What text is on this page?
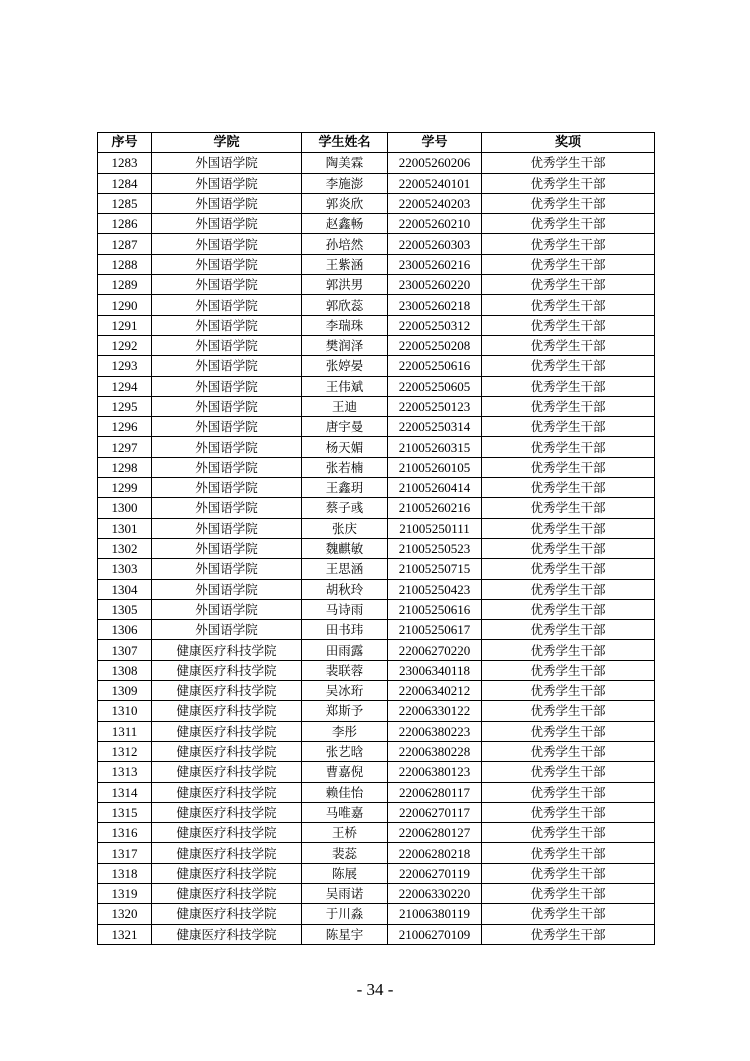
序号	学院	学生姓名	学号	奖项
1283	外国语学院	陶美霖	22005260206	优秀学生干部
1284	外国语学院	李施澎	22005240101	优秀学生干部
1285	外国语学院	郭炎欣	22005240203	优秀学生干部
1286	外国语学院	赵鑫畅	22005260210	优秀学生干部
1287	外国语学院	孙培然	22005260303	优秀学生干部
1288	外国语学院	王紫涵	23005260216	优秀学生干部
1289	外国语学院	郭洪男	23005260220	优秀学生干部
1290	外国语学院	郭欣蕊	23005260218	优秀学生干部
1291	外国语学院	李瑞珠	22005250312	优秀学生干部
1292	外国语学院	樊润泽	22005250208	优秀学生干部
1293	外国语学院	张婷晏	22005250616	优秀学生干部
1294	外国语学院	王伟斌	22005250605	优秀学生干部
1295	外国语学院	王迪	22005250123	优秀学生干部
1296	外国语学院	唐宇曼	22005250314	优秀学生干部
1297	外国语学院	杨天媚	21005260315	优秀学生干部
1298	外国语学院	张若楠	21005260105	优秀学生干部
1299	外国语学院	王鑫玥	21005260414	优秀学生干部
1300	外国语学院	蔡子彧	21005260216	优秀学生干部
1301	外国语学院	张庆	21005250111	优秀学生干部
1302	外国语学院	魏麒敏	21005250523	优秀学生干部
1303	外国语学院	王思涵	21005250715	优秀学生干部
1304	外国语学院	胡秋玲	21005250423	优秀学生干部
1305	外国语学院	马诗雨	21005250616	优秀学生干部
1306	外国语学院	田书玮	21005250617	优秀学生干部
1307	健康医疗科技学院	田雨露	22006270220	优秀学生干部
1308	健康医疗科技学院	裴联蓉	23006340118	优秀学生干部
1309	健康医疗科技学院	吴冰珩	22006340212	优秀学生干部
1310	健康医疗科技学院	郑斯予	22006330122	优秀学生干部
1311	健康医疗科技学院	李彤	22006380223	优秀学生干部
1312	健康医疗科技学院	张艺晗	22006380228	优秀学生干部
1313	健康医疗科技学院	曹嘉倪	22006380123	优秀学生干部
1314	健康医疗科技学院	赖佳怡	22006280117	优秀学生干部
1315	健康医疗科技学院	马唯嘉	22006270117	优秀学生干部
1316	健康医疗科技学院	王桥	22006280127	优秀学生干部
1317	健康医疗科技学院	裴蕊	22006280218	优秀学生干部
1318	健康医疗科技学院	陈展	22006270119	优秀学生干部
1319	健康医疗科技学院	吴雨诺	22006330220	优秀学生干部
1320	健康医疗科技学院	于川淼	21006380119	优秀学生干部
1321	健康医疗科技学院	陈星宇	21006270109	优秀学生干部
- 34 -
